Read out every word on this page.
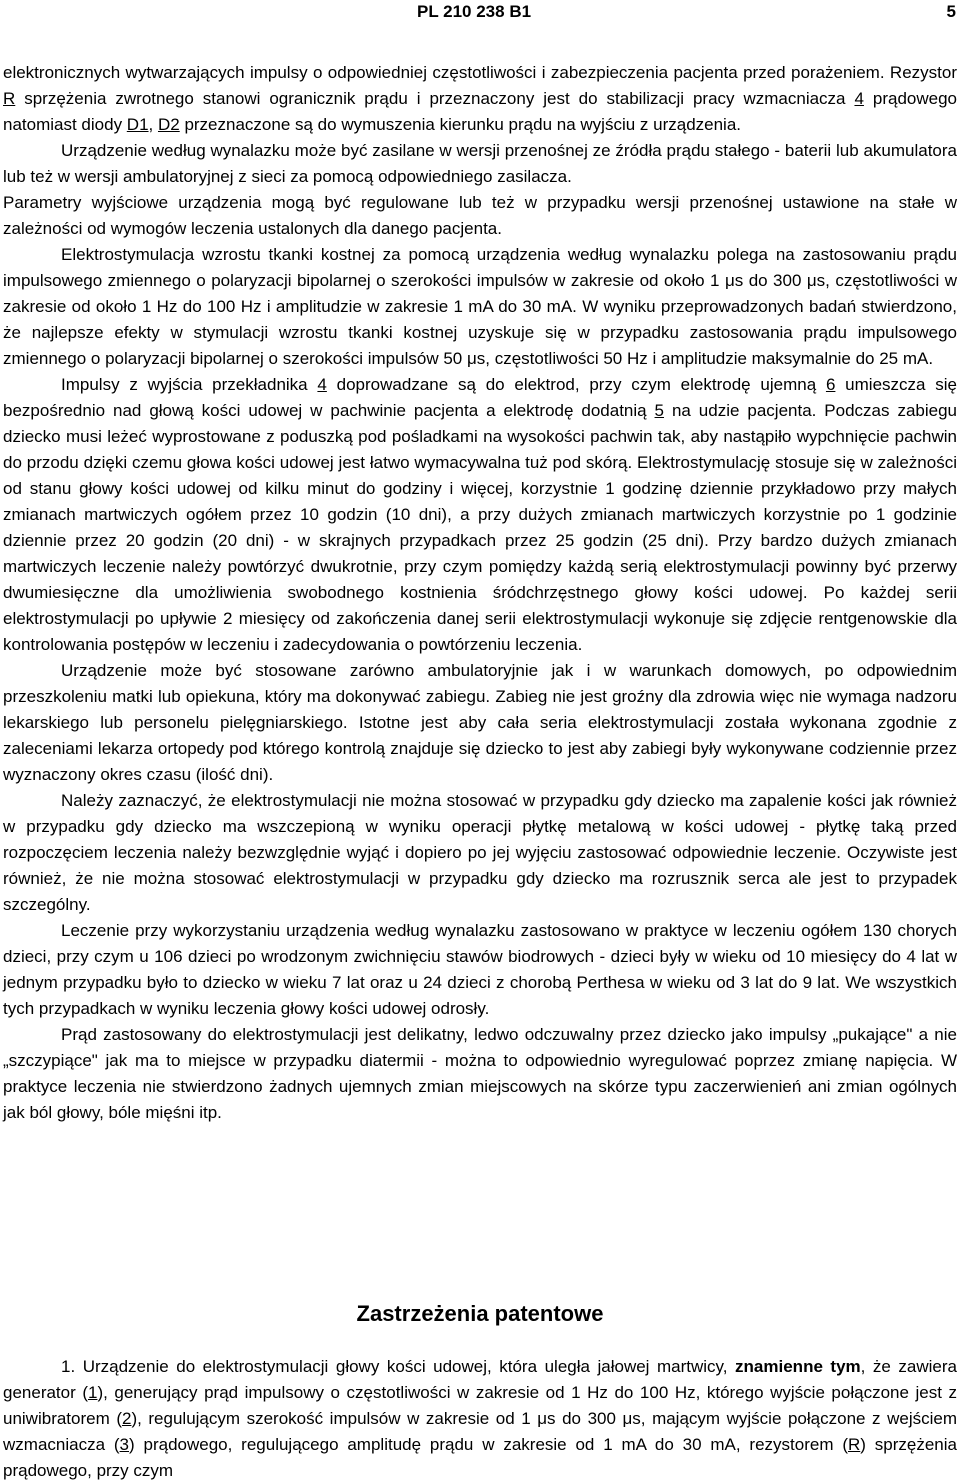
PL 210 238 B1	5

elektronicznych wytwarzających impulsy o odpowiedniej częstotliwości i zabezpieczenia pacjenta przed porażeniem. Rezystor R sprzężenia zwrotnego stanowi ogranicznik prądu i przeznaczony jest do stabilizacji pracy wzmacniacza 4 prądowego natomiast diody D1, D2 przeznaczone są do wymuszenia kierunku prądu na wyjściu z urządzenia.

Urządzenie według wynalazku może być zasilane w wersji przenośnej ze źródła prądu stałego - baterii lub akumulatora lub też w wersji ambulatoryjnej z sieci za pomocą odpowiedniego zasilacza.

Parametry wyjściowe urządzenia mogą być regulowane lub też w przypadku wersji przenośnej ustawione na stałe w zależności od wymogów leczenia ustalonych dla danego pacjenta.

Elektrostymulacja wzrostu tkanki kostnej za pomocą urządzenia według wynalazku polega na zastosowaniu prądu impulsowego zmiennego o polaryzacji bipolarnej o szerokości impulsów w zakresie od około 1 μs do 300 μs, częstotliwości w zakresie od około 1 Hz do 100 Hz i amplitudzie w zakresie 1 mA do 30 mA. W wyniku przeprowadzonych badań stwierdzono, że najlepsze efekty w stymulacji wzrostu tkanki kostnej uzyskuje się w przypadku zastosowania prądu impulsowego zmiennego o polaryzacji bipolarnej o szerokości impulsów 50 μs, częstotliwości 50 Hz i amplitudzie maksymalnie do 25 mA.

Impulsy z wyjścia przekładnika 4 doprowadzane są do elektrod, przy czym elektrodę ujemną 6 umieszcza się bezpośrednio nad głową kości udowej w pachwinie pacjenta a elektrodę dodatnią 5 na udzie pacjenta. Podczas zabiegu dziecko musi leżeć wyprostowane z poduszką pod pośladkami na wysokości pachwin tak, aby nastąpiło wypchnięcie pachwin do przodu dzięki czemu głowa kości udowej jest łatwo wymacywalna tuż pod skórą. Elektrostymulację stosuje się w zależności od stanu głowy kości udowej od kilku minut do godziny i więcej, korzystnie 1 godzinę dziennie przykładowo przy małych zmianach martwiczych ogółem przez 10 godzin (10 dni), a przy dużych zmianach martwiczych korzystnie po 1 godzinie dziennie przez 20 godzin (20 dni) - w skrajnych przypadkach przez 25 godzin (25 dni). Przy bardzo dużych zmianach martwiczych leczenie należy powtórzyć dwukrotnie, przy czym pomiędzy każdą serią elektrostymulacji powinny być przerwy dwumiesięczne dla umożliwienia swobodnego kostnienia śródchrzęstnego głowy kości udowej. Po każdej serii elektrostymulacji po upływie 2 miesięcy od zakończenia danej serii elektrostymulacji wykonuje się zdjęcie rentgenowskie dla kontrolowania postępów w leczeniu i zadecydowania o powtórzeniu leczenia.

Urządzenie może być stosowane zarówno ambulatoryjnie jak i w warunkach domowych, po odpowiednim przeszkoleniu matki lub opiekuna, który ma dokonywać zabiegu. Zabieg nie jest groźny dla zdrowia więc nie wymaga nadzoru lekarskiego lub personelu pielęgniarskiego. Istotne jest aby cała seria elektrostymulacji została wykonana zgodnie z zaleceniami lekarza ortopedy pod którego kontrolą znajduje się dziecko to jest aby zabiegi były wykonywane codziennie przez wyznaczony okres czasu (ilość dni).

Należy zaznaczyć, że elektrostymulacji nie można stosować w przypadku gdy dziecko ma zapalenie kości jak również w przypadku gdy dziecko ma wszczepioną w wyniku operacji płytkę metalową w kości udowej - płytkę taką przed rozpoczęciem leczenia należy bezwzględnie wyjąć i dopiero po jej wyjęciu zastosować odpowiednie leczenie. Oczywiste jest również, że nie można stosować elektrostymulacji w przypadku gdy dziecko ma rozrusznik serca ale jest to przypadek szczególny.

Leczenie przy wykorzystaniu urządzenia według wynalazku zastosowano w praktyce w leczeniu ogółem 130 chorych dzieci, przy czym u 106 dzieci po wrodzonym zwichnięciu stawów biodrowych - dzieci były w wieku od 10 miesięcy do 4 lat w jednym przypadku było to dziecko w wieku 7 lat oraz u 24 dzieci z chorobą Perthesa w wieku od 3 lat do 9 lat. We wszystkich tych przypadkach w wyniku leczenia głowy kości udowej odrosły.

Prąd zastosowany do elektrostymulacji jest delikatny, ledwo odczuwalny przez dziecko jako impulsy „pukające" a nie „szczypiące" jak ma to miejsce w przypadku diatermii - można to odpowiednio wyregulować poprzez zmianę napięcia. W praktyce leczenia nie stwierdzono żadnych ujemnych zmian miejscowych na skórze typu zaczerwienień ani zmian ogólnych jak ból głowy, bóle mięśni itp.

Zastrzeżenia patentowe

1. Urządzenie do elektrostymulacji głowy kości udowej, która uległa jałowej martwicy, znamienne tym, że zawiera generator (1), generujący prąd impulsowy o częstotliwości w zakresie od 1 Hz do 100 Hz, którego wyjście połączone jest z uniwibratorem (2), regulującym szerokość impulsów w zakresie od 1 μs do 300 μs, mającym wyjście połączone z wejściem wzmacniacza (3) prądowego, regulującego amplitudę prądu w zakresie od 1 mA do 30 mA, rezystorem (R) sprzężenia prądowego, przy czym
